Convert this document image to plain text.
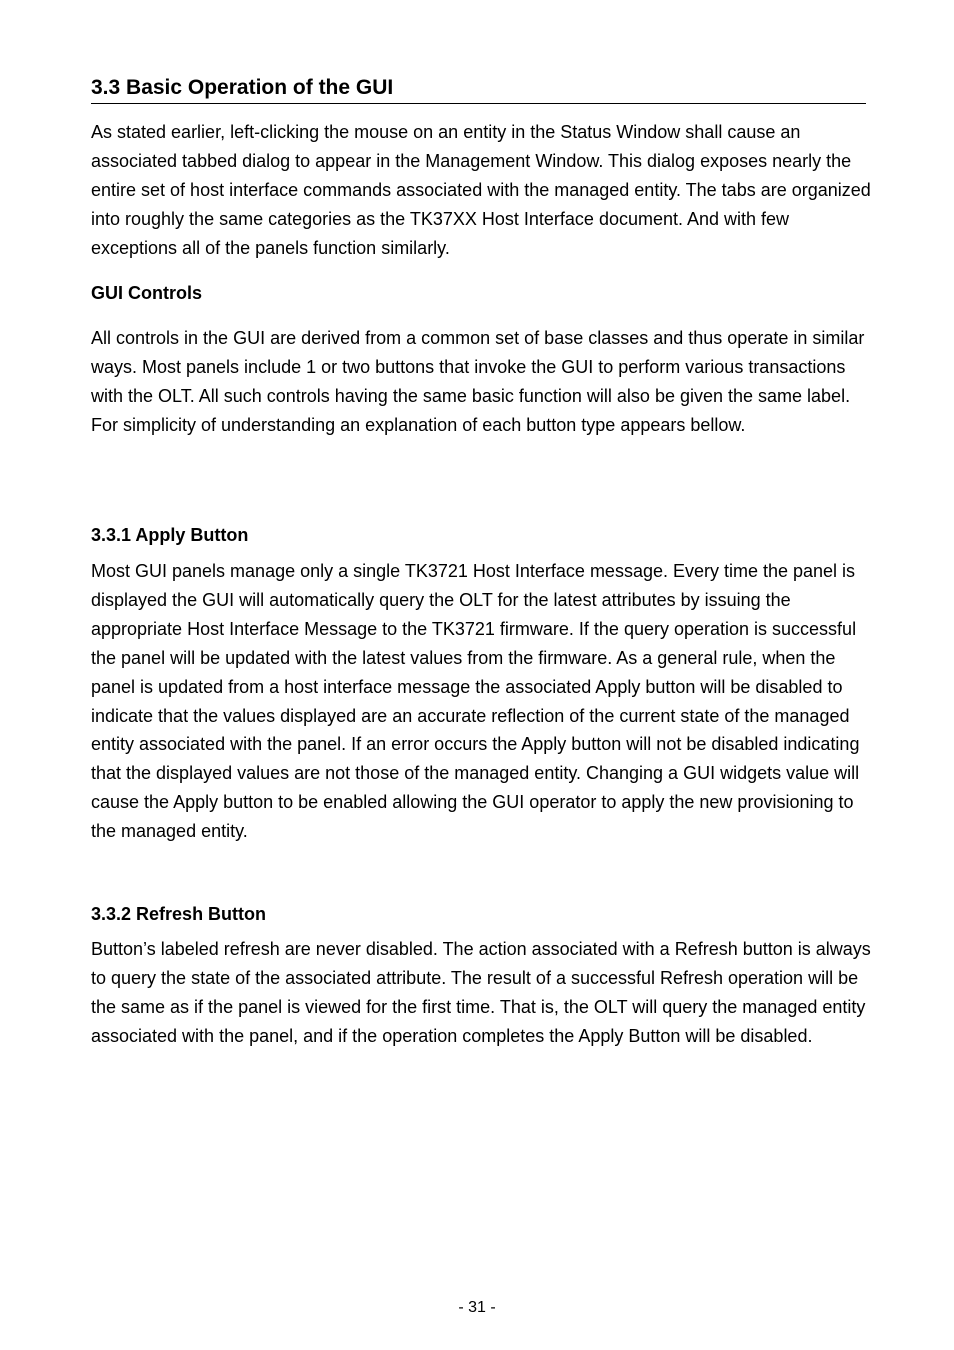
3.3 Basic Operation of the GUI

As stated earlier, left-clicking the mouse on an entity in the Status Window shall cause an associated tabbed dialog to appear in the Management Window. This dialog exposes nearly the entire set of host interface commands associated with the managed entity. The tabs are organized into roughly the same categories as the TK37XX Host Interface document. And with few exceptions all of the panels function similarly.

GUI Controls

All controls in the GUI are derived from a common set of base classes and thus operate in similar ways. Most panels include 1 or two buttons that invoke the GUI to perform various transactions with the OLT. All such controls having the same basic function will also be given the same label. For simplicity of understanding an explanation of each button type appears bellow.

3.3.1 Apply Button

Most GUI panels manage only a single TK3721 Host Interface message. Every time the panel is displayed the GUI will automatically query the OLT for the latest attributes by issuing the appropriate Host Interface Message to the TK3721 firmware. If the query operation is successful the panel will be updated with the latest values from the firmware. As a general rule, when the panel is updated from a host interface message the associated Apply button will be disabled to indicate that the values displayed are an accurate reflection of the current state of the managed entity associated with the panel. If an error occurs the Apply button will not be disabled indicating that the displayed values are not those of the managed entity. Changing a GUI widgets value will cause the Apply button to be enabled allowing the GUI operator to apply the new provisioning to the managed entity.

3.3.2 Refresh Button

Button’s labeled refresh are never disabled. The action associated with a Refresh button is always to query the state of the associated attribute. The result of a successful Refresh operation will be the same as if the panel is viewed for the first time. That is, the OLT will query the managed entity associated with the panel, and if the operation completes the Apply Button will be disabled.

- 31 -
